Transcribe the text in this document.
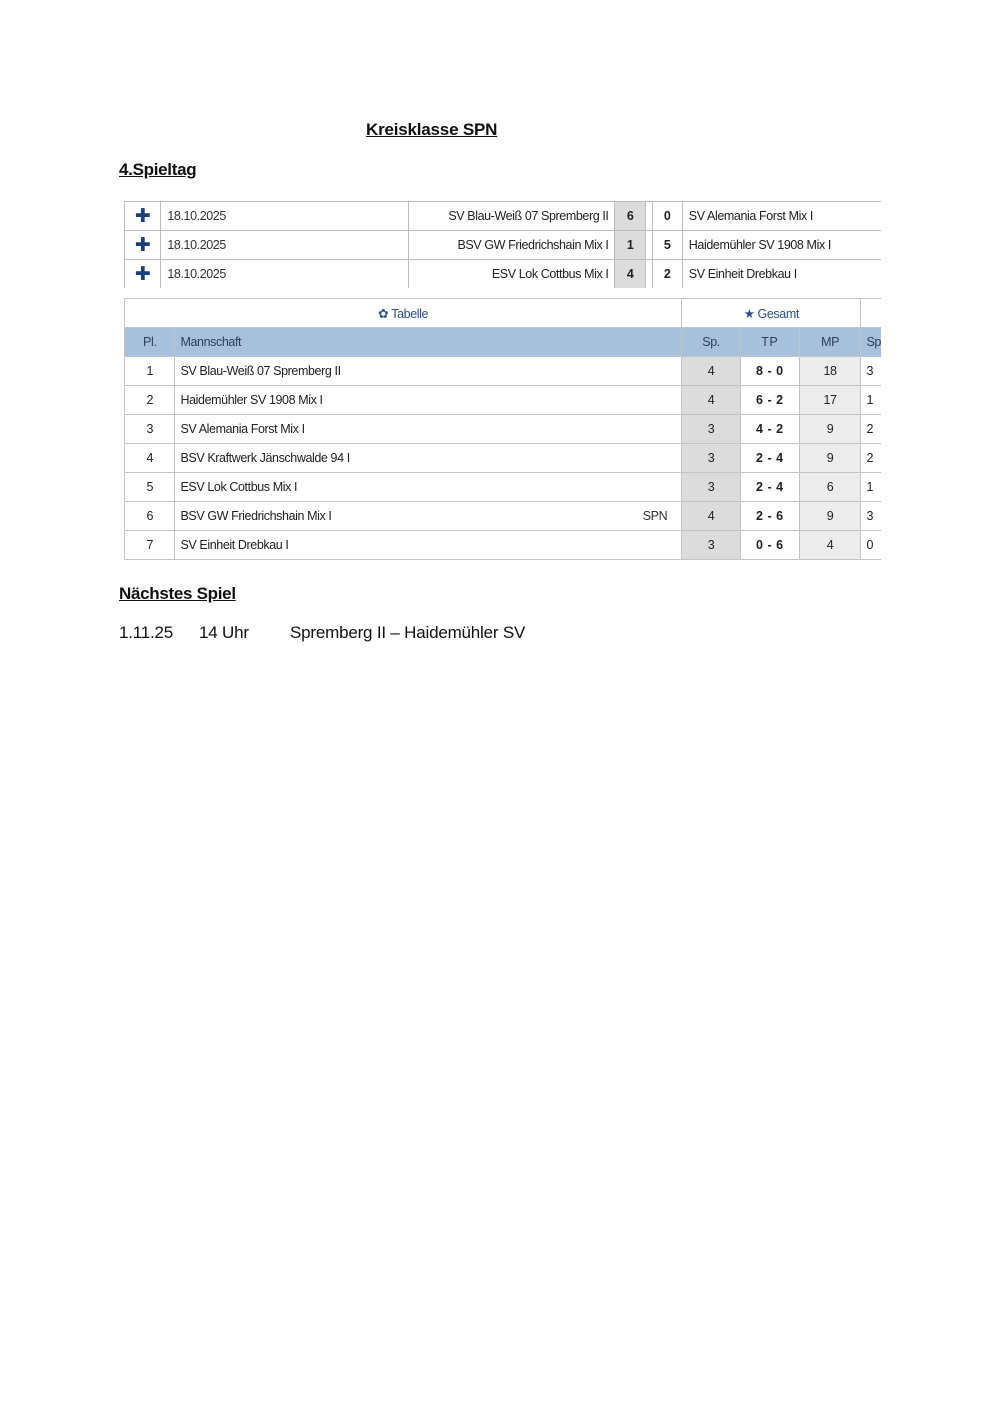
Kreisklasse SPN
4.Spieltag
✚	18.10.2025	SV Blau-Weiß 07 Spremberg II	6		0	SV Alemania Forst Mix I
✚	18.10.2025	BSV GW Friedrichshain Mix I	1		5	Haidemühler SV 1908 Mix I
✚	18.10.2025	ESV Lok Cottbus Mix I	4		2	SV Einheit Drebkau I
✿ Tabelle		★ Gesamt			
Pl.	Mannschaft	Sp.	TP	MP	Sp
1	SV Blau-Weiß 07 Spremberg II	4	8 - 0	18	3
2	Haidemühler SV 1908 Mix I	4	6 - 2	17	1
3	SV Alemania Forst Mix I	3	4 - 2	9	2
4	BSV Kraftwerk Jänschwalde 94 I	3	2 - 4	9	2
5	ESV Lok Cottbus Mix I	3	2 - 4	6	1
6	BSV GW Friedrichshain Mix I SPN	4	2 - 6	9	3
7	SV Einheit Drebkau I	3	0 - 6	4	0
Nächstes Spiel
1.11.25 14 Uhr Spremberg II – Haidemühler SV
